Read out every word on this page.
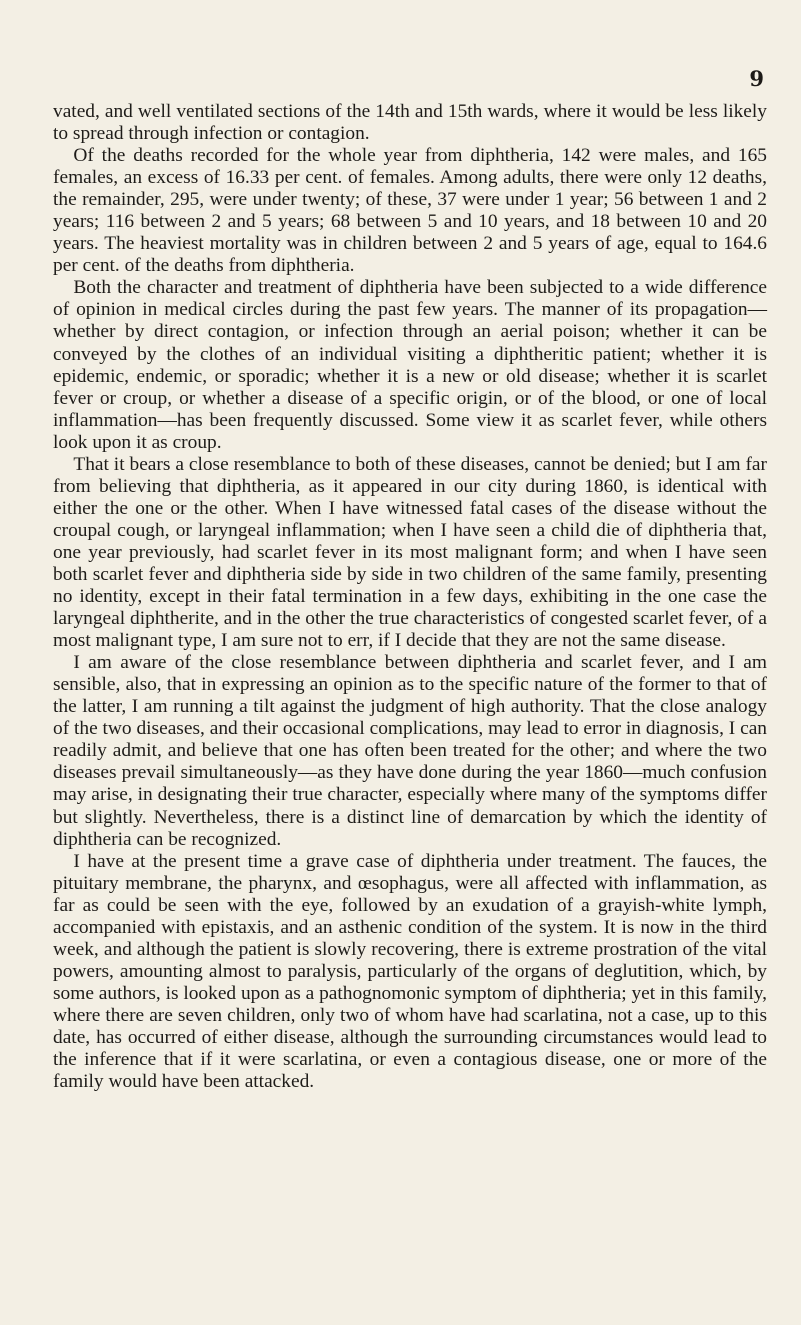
9

vated, and well ventilated sections of the 14th and 15th wards, where it would be less likely to spread through infection or contagion.

Of the deaths recorded for the whole year from diphtheria, 142 were males, and 165 females, an excess of 16.33 per cent. of females. Among adults, there were only 12 deaths, the remainder, 295, were under twenty; of these, 37 were under 1 year; 56 between 1 and 2 years; 116 between 2 and 5 years; 68 between 5 and 10 years, and 18 between 10 and 20 years. The heaviest mortality was in children between 2 and 5 years of age, equal to 164.6 per cent. of the deaths from diphtheria.

Both the character and treatment of diphtheria have been subjected to a wide difference of opinion in medical circles during the past few years. The manner of its propagation—whether by direct contagion, or infection through an aerial poison; whether it can be conveyed by the clothes of an individual visiting a diphtheritic patient; whether it is epidemic, endemic, or sporadic; whether it is a new or old disease; whether it is scarlet fever or croup, or whether a disease of a specific origin, or of the blood, or one of local inflammation—has been frequently discussed. Some view it as scarlet fever, while others look upon it as croup.

That it bears a close resemblance to both of these diseases, cannot be denied; but I am far from believing that diphtheria, as it appeared in our city during 1860, is identical with either the one or the other. When I have witnessed fatal cases of the disease without the croupal cough, or laryngeal inflammation; when I have seen a child die of diphtheria that, one year previously, had scarlet fever in its most malignant form; and when I have seen both scarlet fever and diphtheria side by side in two children of the same family, presenting no identity, except in their fatal termination in a few days, exhibiting in the one case the laryngeal diphtherite, and in the other the true characteristics of congested scarlet fever, of a most malignant type, I am sure not to err, if I decide that they are not the same disease.

I am aware of the close resemblance between diphtheria and scarlet fever, and I am sensible, also, that in expressing an opinion as to the specific nature of the former to that of the latter, I am running a tilt against the judgment of high authority. That the close analogy of the two diseases, and their occasional complications, may lead to error in diagnosis, I can readily admit, and believe that one has often been treated for the other; and where the two diseases prevail simultaneously—as they have done during the year 1860—much confusion may arise, in designating their true character, especially where many of the symptoms differ but slightly. Nevertheless, there is a distinct line of demarcation by which the identity of diphtheria can be recognized.

I have at the present time a grave case of diphtheria under treatment. The fauces, the pituitary membrane, the pharynx, and œsophagus, were all affected with inflammation, as far as could be seen with the eye, followed by an exudation of a grayish-white lymph, accompanied with epistaxis, and an asthenic condition of the system. It is now in the third week, and although the patient is slowly recovering, there is extreme prostration of the vital powers, amounting almost to paralysis, particularly of the organs of deglutition, which, by some authors, is looked upon as a pathognomonic symptom of diphtheria; yet in this family, where there are seven children, only two of whom have had scarlatina, not a case, up to this date, has occurred of either disease, although the surrounding circumstances would lead to the inference that if it were scarlatina, or even a contagious disease, one or more of the family would have been attacked.
